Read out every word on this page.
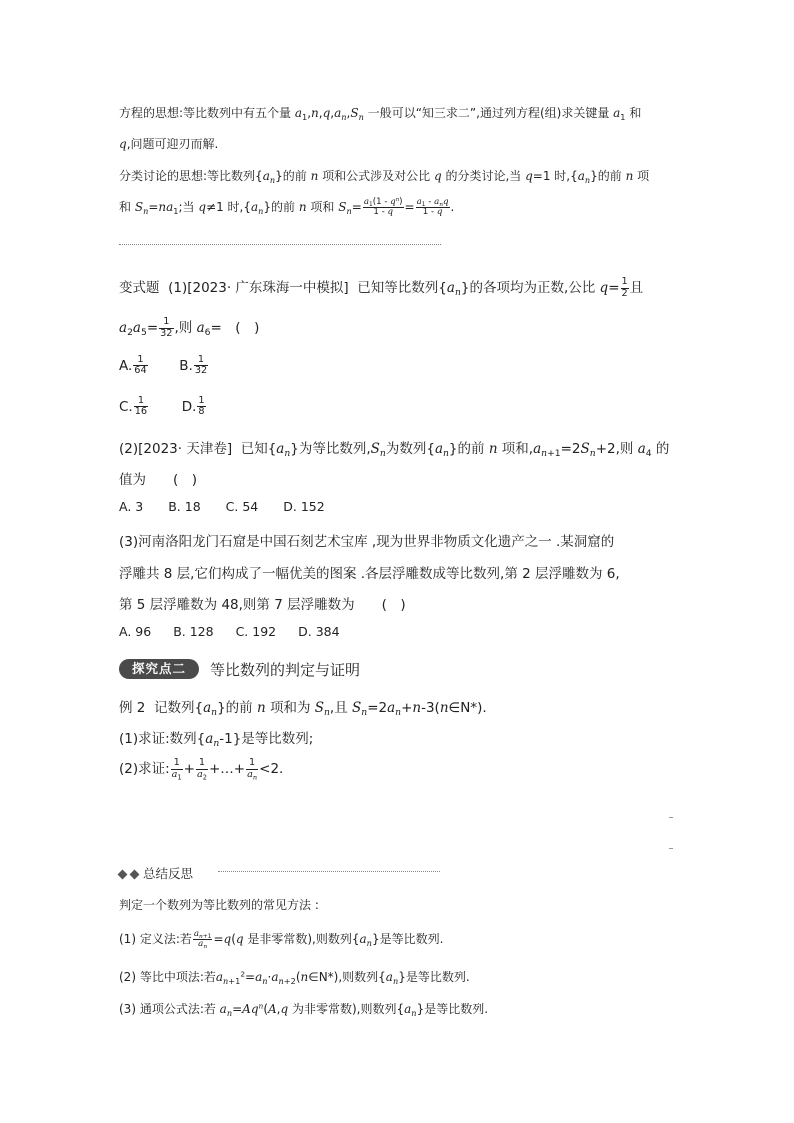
方程的思想:等比数列中有五个量 $a_1,n,q,a_n,S_n$ 一般可以“知三求二”,通过列方程(组)求关键量 $a_1$ 和
q,问题可迎刃而解.
分类讨论的思想:等比数列$\{a_n\}$的前 n 项和公式涉及对公比 q 的分类讨论,当 q=1 时$,\{a_n\}$的前 n 项
和 $S_n=na_1$;当 q≠1 时$,\{a_n\}$的前 n 项和 $S_n= \frac{a_1(1 - q^n)}{1 - q} = \frac{a_1 - a_nq}{1 - q}$ .
变式题 (1)[2023· 广东珠海一中模拟] 已知等比数列$\{a_n\}$的各项均为正数,公比 $q= \frac{1}{2}$ 且
$a_2a_5= \frac{1}{32}$ ,则 $a_6=$　(　)
A. $\frac{1}{64} B$. $\frac{1}{32}$
C. $\frac{1}{16} D$. $\frac{1}{8}$
(2)[2023· 天津卷] 已知$\{a_n\}$为等比数列$,S_n$为数列$\{a_n\}$的前 n 项和$,a_{n+1}=2S_n+2$,则 $a_4$ 的
值为　　(　)
A. 3 B. 18 C. 54 D. 152
(3)河南洛阳龙门石窟是中国石刻艺术宝库 ,现为世界非物质文化遗产之一 .某洞窟的
浮雕共 8 层,它们构成了一幅优美的图案 .各层浮雕数成等比数列,第 2 层浮雕数为 6,
第 5 层浮雕数为 48,则第 7 层浮雕数为　　(　)
A. 96 B. 128 C. 192 D. 384
探究点二	等比数列的判定与证明
例 2 记数列$\{a_n\}$的前 n 项和为 $S_n$,且 $S_n=2a_n+n-3(n\in N*)$.
(1)求证:数列$\{a_n-1\}$是等比数列;
(2)求证: $\frac{1}{a_1} + \frac{1}{a_2}$ +…+ $\frac{1}{a_n} <2$.
总结反思
判定一个数列为等比数列的常见方法 :
(1) 定义法:若 $\frac{a_{n+1}}{a_n} =q(q$ 是非零常数),则数列$\{a_n\}$是等比数列.
(2) 等比中项法:若$a_{n+1}^2=a_n\cdot a_{n+2}(n\in N*)$,则数列$\{a_n\}$是等比数列.
(3) 通项公式法:若 $a_n=Aq^n(A,q$ 为非零常数),则数列$\{a_n\}$是等比数列.
